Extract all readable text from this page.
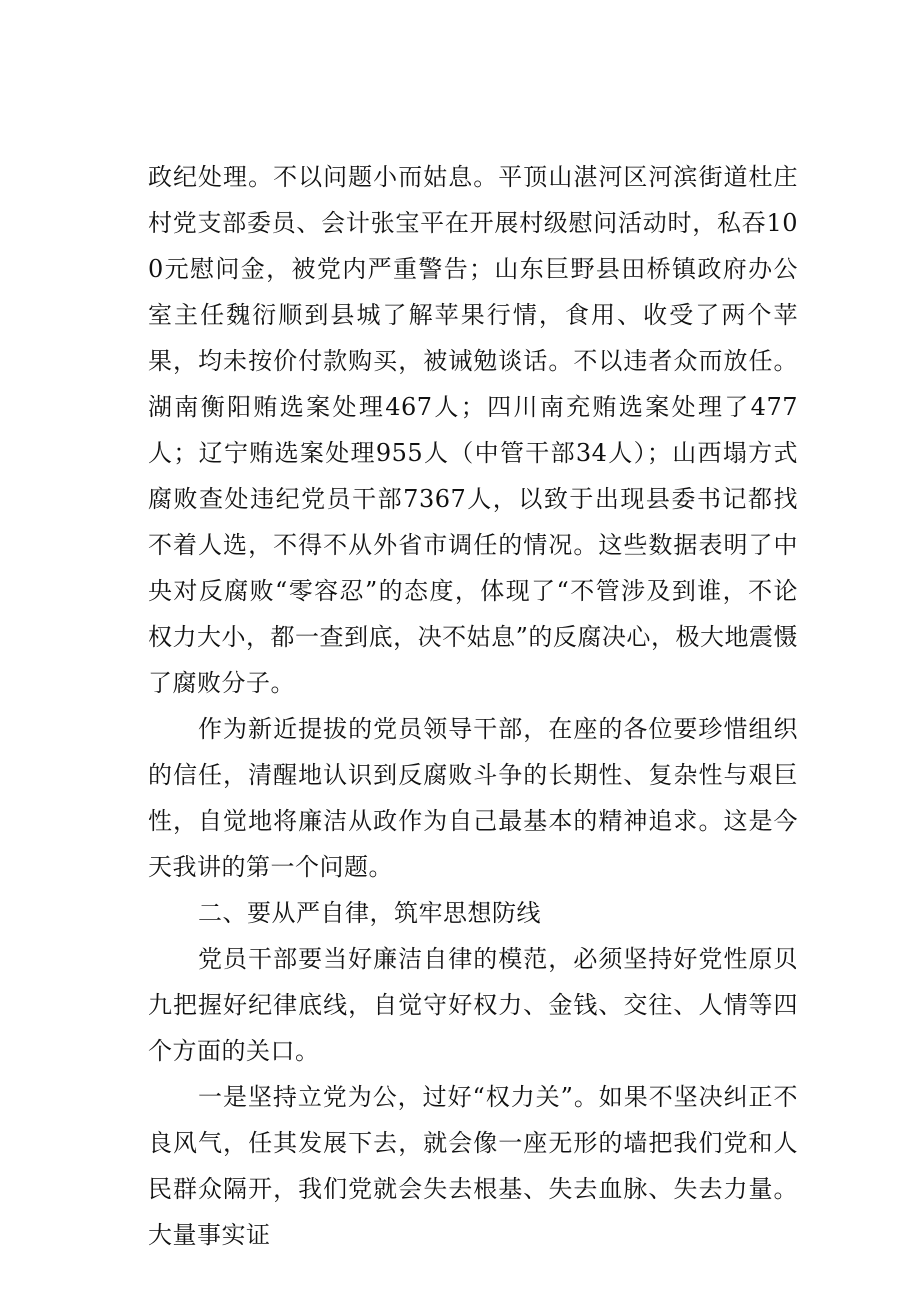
政纪处理。不以问题小而姑息。平顶山湛河区河滨街道杜庄村党支部委员、会计张宝平在开展村级慰问活动时，私吞100元慰问金，被党内严重警告；山东巨野县田桥镇政府办公室主任魏衍顺到县城了解苹果行情，食用、收受了两个苹果，均未按价付款购买，被诫勉谈话。不以违者众而放任。湖南衡阳贿选案处理467人；四川南充贿选案处理了477人；辽宁贿选案处理955人（中管干部34人）；山西塌方式腐败查处违纪党员干部7367人，以致于出现县委书记都找不着人选，不得不从外省市调任的情况。这些数据表明了中央对反腐败“零容忍”的态度，体现了“不管涉及到谁，不论权力大小，都一查到底，决不姑息”的反腐决心，极大地震慑了腐败分子。

作为新近提拔的党员领导干部，在座的各位要珍惜组织的信任，清醒地认识到反腐败斗争的长期性、复杂性与艰巨性，自觉地将廉洁从政作为自己最基本的精神追求。这是今天我讲的第一个问题。

二、要从严自律，筑牢思想防线

党员干部要当好廉洁自律的模范，必须坚持好党性原贝九把握好纪律底线，自觉守好权力、金钱、交往、人情等四个方面的关口。

一是坚持立党为公，过好“权力关”。如果不坚决纠正不良风气，任其发展下去，就会像一座无形的墙把我们党和人民群众隔开，我们党就会失去根基、失去血脉、失去力量。大量事实证
